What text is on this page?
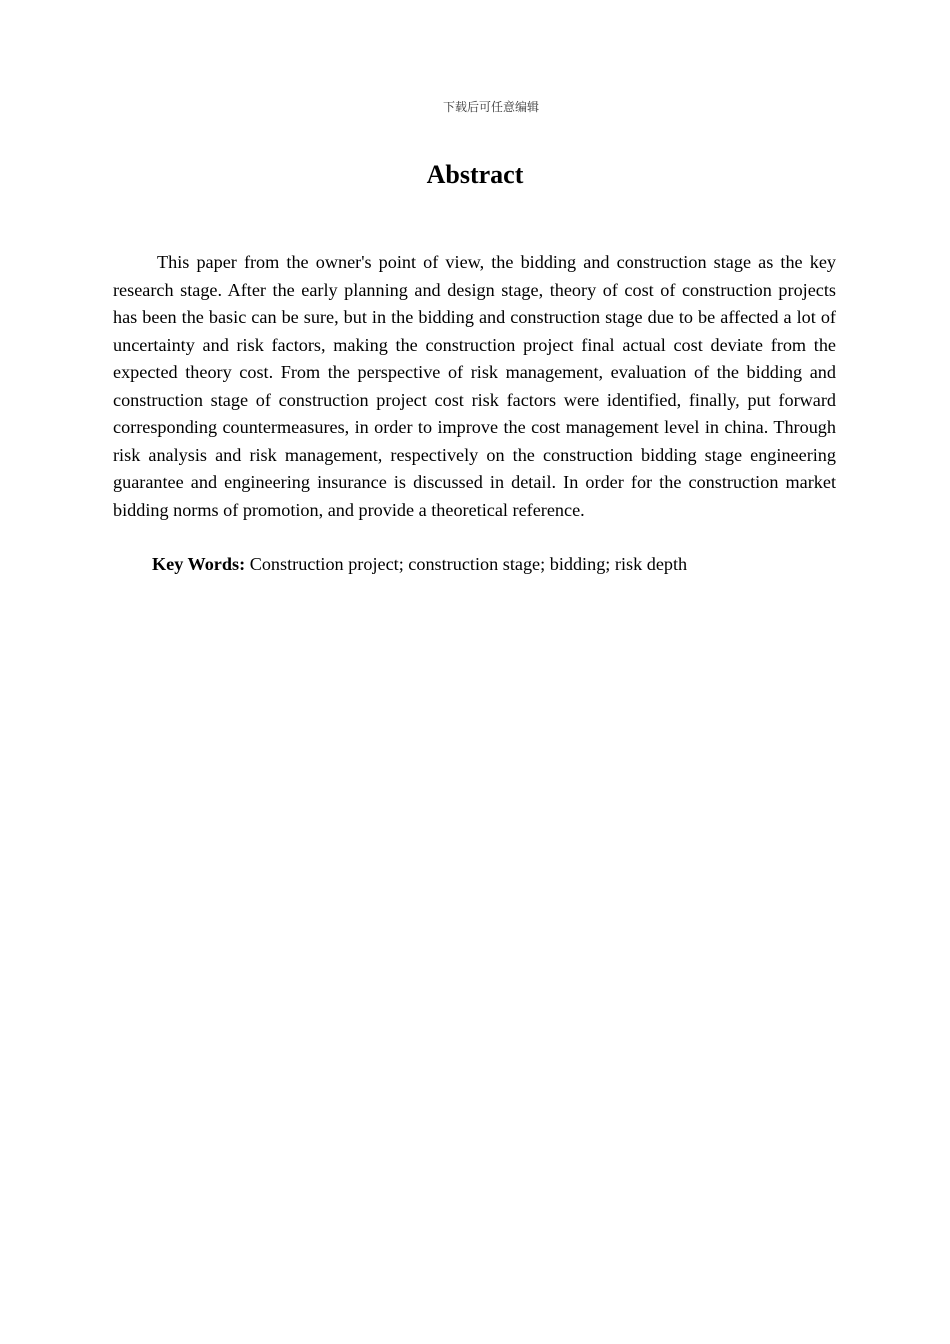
下载后可任意编辑
Abstract

This paper from the owner's point of view, the bidding and construction stage as the key research stage. After the early planning and design stage, theory of cost of construction projects has been the basic can be sure, but in the bidding and construction stage due to be affected a lot of uncertainty and risk factors, making the construction project final actual cost deviate from the expected theory cost. From the perspective of risk management, evaluation of the bidding and construction stage of construction project cost risk factors were identified, finally, put forward corresponding countermeasures, in order to improve the cost management level in china. Through risk analysis and risk management, respectively on the construction bidding stage engineering guarantee and engineering insurance is discussed in detail. In order for the construction market bidding norms of promotion, and provide a theoretical reference.

Key Words: Construction project; construction stage; bidding; risk depth
